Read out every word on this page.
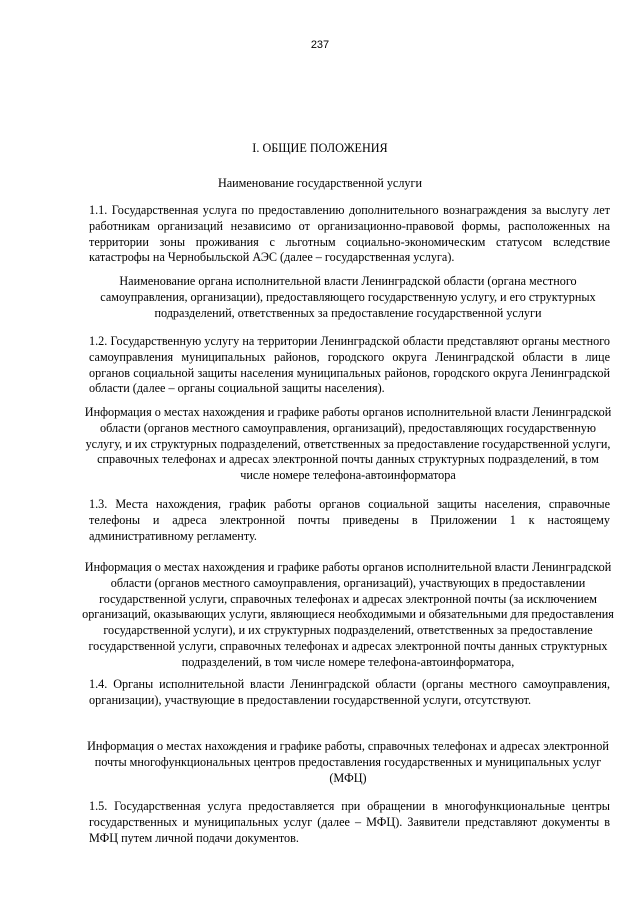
237
I. ОБЩИЕ ПОЛОЖЕНИЯ
Наименование государственной услуги
1.1. Государственная услуга по предоставлению дополнительного вознаграждения за выслугу лет работникам организаций независимо от организационно-правовой формы, расположенных на территории зоны проживания с льготным социально-экономическим статусом вследствие катастрофы на Чернобыльской АЭС (далее – государственная услуга).
Наименование органа исполнительной власти Ленинградской области (органа местного самоуправления, организации), предоставляющего государственную услугу, и его структурных подразделений, ответственных за предоставление государственной услуги
1.2. Государственную услугу на территории Ленинградской области представляют органы местного самоуправления муниципальных районов, городского округа Ленинградской области в лице органов социальной защиты населения муниципальных районов, городского округа Ленинградской области (далее – органы социальной защиты населения).
Информация о местах нахождения и графике работы органов исполнительной власти Ленинградской области (органов местного самоуправления, организаций), предоставляющих государственную услугу, и их структурных подразделений, ответственных за предоставление государственной услуги, справочных телефонах и адресах электронной почты данных структурных подразделений, в том числе номере телефона-автоинформатора
1.3. Места нахождения, график работы органов социальной защиты населения, справочные телефоны и адреса электронной почты приведены в Приложении 1 к настоящему административному регламенту.
Информация о местах нахождения и графике работы органов исполнительной власти Ленинградской области (органов местного самоуправления, организаций), участвующих в предоставлении государственной услуги, справочных телефонах и адресах электронной почты (за исключением организаций, оказывающих услуги, являющиеся необходимыми и обязательными для предоставления государственной услуги), и их структурных подразделений, ответственных за предоставление государственной услуги, справочных телефонах и адресах электронной почты данных структурных подразделений, в том числе номере телефона-автоинформатора,
1.4. Органы исполнительной власти Ленинградской области (органы местного самоуправления, организации), участвующие в предоставлении государственной услуги, отсутствуют.
Информация о местах нахождения и графике работы, справочных телефонах и адресах электронной почты многофункциональных центров предоставления государственных и муниципальных услуг (МФЦ)
1.5. Государственная услуга предоставляется при обращении в многофункциональные центры государственных и муниципальных услуг (далее – МФЦ). Заявители представляют документы в МФЦ путем личной подачи документов.
